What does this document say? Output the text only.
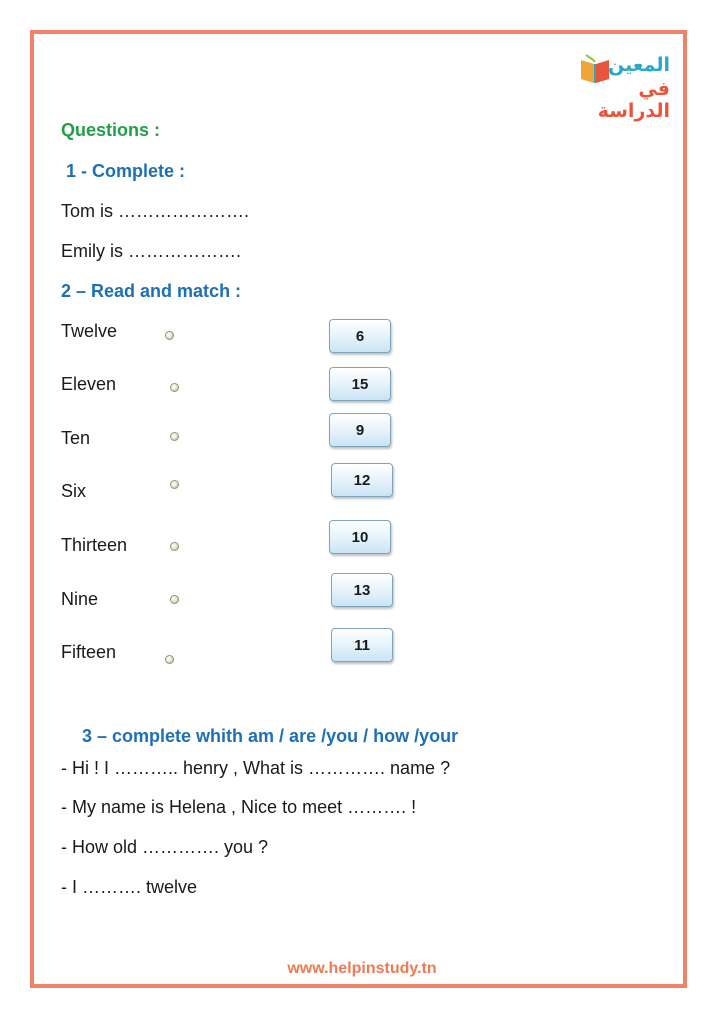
المعين
في الدراسة
Questions :
1 - Complete :
Tom is ………………….
Emily is ……………….
2 – Read and match :
Twelve
Eleven
Ten
Six
Thirteen
Nine
Fifteen
6
15
9
12
10
13
11
3 – complete whith am / are /you / how /your
- Hi ! I ……….. henry , What is …………. name ?
- My name is Helena , Nice to meet ………. !
- How old …………. you ?
- I ………. twelve
www.helpinstudy.tn
